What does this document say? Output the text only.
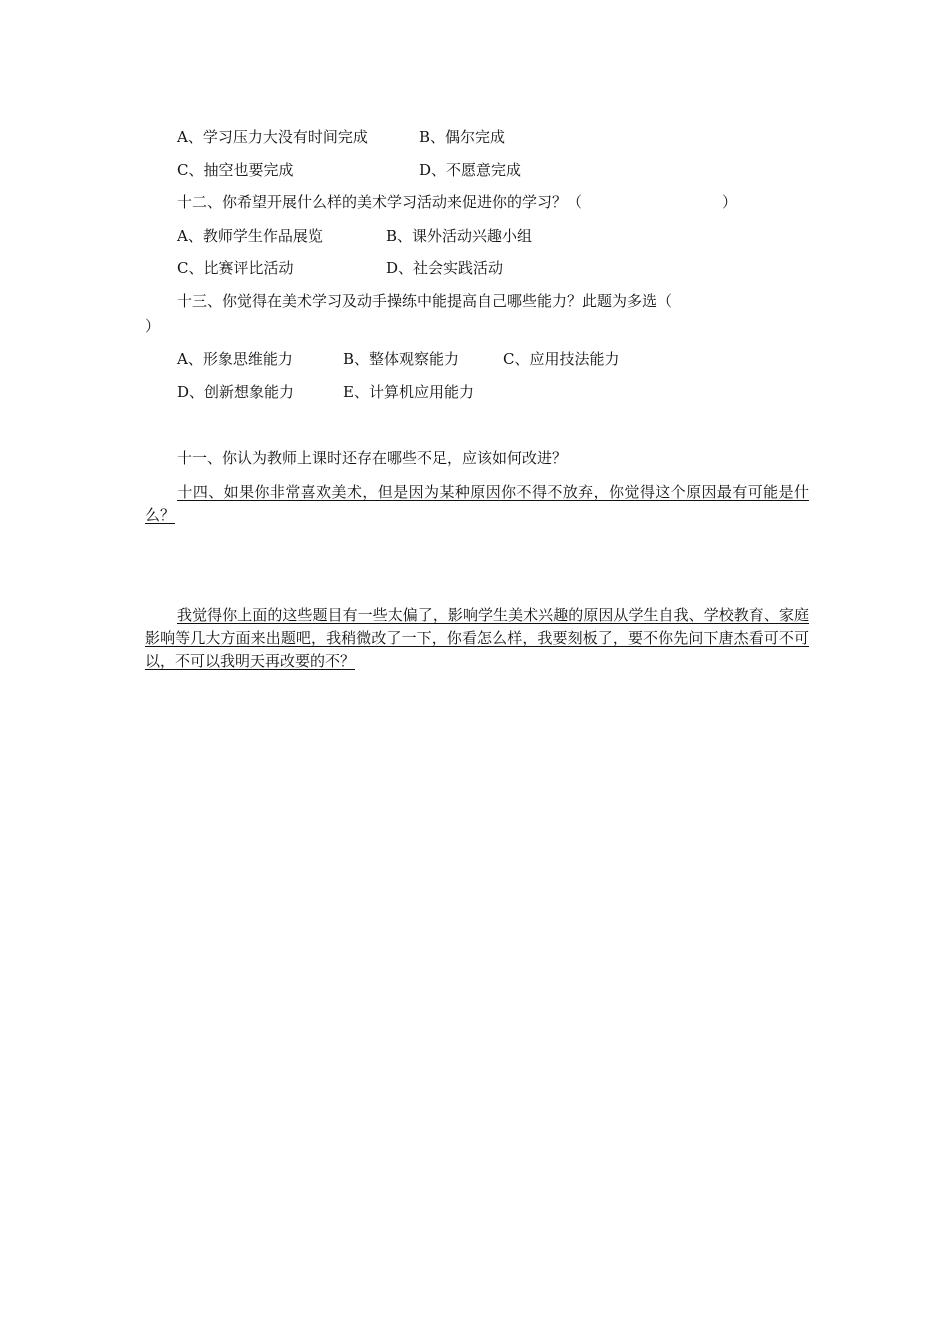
A、学习压力大没有时间完成	B、偶尔完成
C、抽空也要完成	D、不愿意完成
十二、你希望开展什么样的美术学习活动来促进你的学习？（	）
A、教师学生作品展览	B、课外活动兴趣小组
C、比赛评比活动	D、社会实践活动
十三、你觉得在美术学习及动手操练中能提高自己哪些能力？此题为多选（
）
A、形象思维能力	B、整体观察能力	C、应用技法能力
D、创新想象能力	E、计算机应用能力
十一、你认为教师上课时还存在哪些不足，应该如何改进？
十四、如果你非常喜欢美术，但是因为某种原因你不得不放弃，你觉得这个原因最有可能是什么？
我觉得你上面的这些题目有一些太偏了，影响学生美术兴趣的原因从学生自我、学校教育、家庭影响等几大方面来出题吧，我稍微改了一下，你看怎么样，我要刻板了，要不你先问下唐杰看可不可以，不可以我明天再改要的不？
